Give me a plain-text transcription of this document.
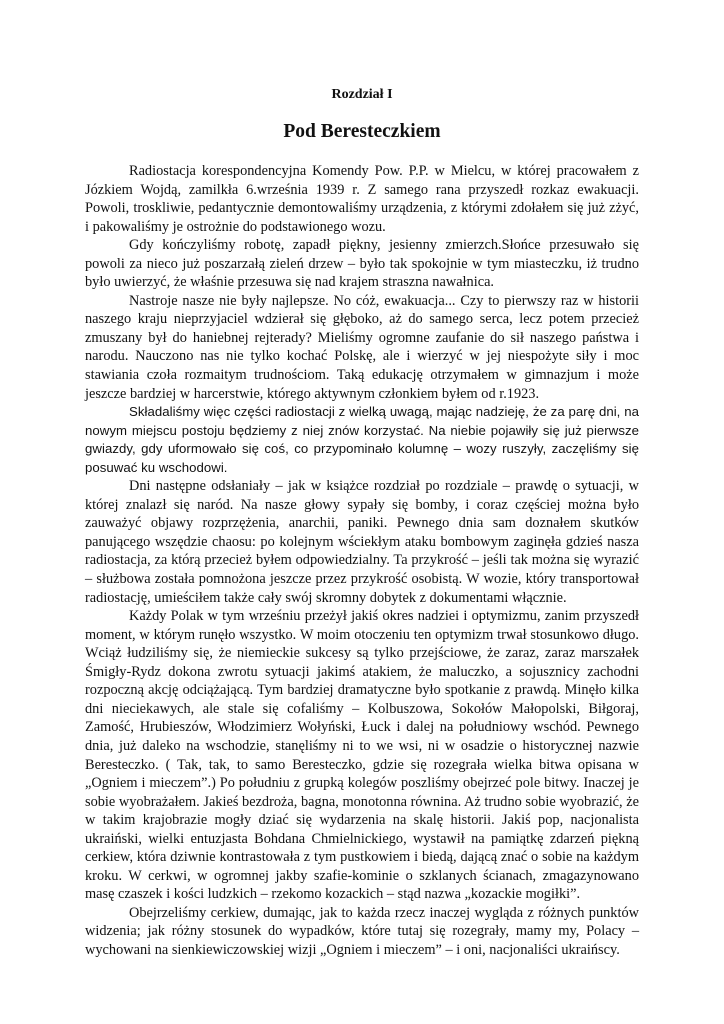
Rozdział I
Pod Beresteczkiem

Radiostacja korespondencyjna Komendy Pow. P.P. w Mielcu, w której pracowałem z Józkiem Wojdą, zamilkła 6.września 1939 r. Z samego rana przyszedł rozkaz ewakuacji. Powoli, troskliwie, pedantycznie demontowaliśmy urządzenia, z którymi zdołałem się już zżyć, i pakowaliśmy je ostrożnie do podstawionego wozu.

Gdy kończyliśmy robotę, zapadł piękny, jesienny zmierzch.Słońce przesuwało się powoli za nieco już poszarzałą zieleń drzew – było tak spokojnie w tym miasteczku, iż trudno było uwierzyć, że właśnie przesuwa się nad krajem straszna nawałnica.

Nastroje nasze nie były najlepsze. No cóż, ewakuacja... Czy to pierwszy raz w historii naszego kraju nieprzyjaciel wdzierał się głęboko, aż do samego serca, lecz potem przecież zmuszany był do haniebnej rejterady? Mieliśmy ogromne zaufanie do sił naszego państwa i narodu. Nauczono nas nie tylko kochać Polskę, ale i wierzyć w jej niespożyte siły i moc stawiania czoła rozmaitym trudnościom. Taką edukację otrzymałem w gimnazjum i może jeszcze bardziej w harcerstwie, którego aktywnym członkiem byłem od r.1923.

Składaliśmy więc części radiostacji z wielką uwagą, mając nadzieję, że za parę dni, na nowym miejscu postoju będziemy z niej znów korzystać. Na niebie pojawiły się już pierwsze gwiazdy, gdy uformowało się coś, co przypominało kolumnę – wozy ruszyły, zaczęliśmy się posuwać ku wschodowi.

Dni następne odsłaniały – jak w książce rozdział po rozdziale – prawdę o sytuacji, w której znalazł się naród. Na nasze głowy sypały się bomby, i coraz częściej można było zauważyć objawy rozprzężenia, anarchii, paniki. Pewnego dnia sam doznałem skutków panującego wszędzie chaosu: po kolejnym wściekłym ataku bombowym zaginęła gdzieś nasza radiostacja, za którą przecież byłem odpowiedzialny. Ta przykrość – jeśli tak można się wyrazić – służbowa została pomnożona jeszcze przez przykrość osobistą. W wozie, który transportował radiostację, umieściłem także cały swój skromny dobytek z dokumentami włącznie.

Każdy Polak w tym wrześniu przeżył jakiś okres nadziei i optymizmu, zanim przyszedł moment, w którym runęło wszystko. W moim otoczeniu ten optymizm trwał stosunkowo długo. Wciąż łudziliśmy się, że niemieckie sukcesy są tylko przejściowe, że zaraz, zaraz marszałek Śmigły-Rydz dokona zwrotu sytuacji jakimś atakiem, że maluczko, a sojusznicy zachodni rozpoczną akcję odciążającą. Tym bardziej dramatyczne było spotkanie z prawdą. Minęło kilka dni nieciekawych, ale stale się cofaliśmy – Kolbuszowa, Sokołów Małopolski, Biłgoraj, Zamość, Hrubieszów, Włodzimierz Wołyński, Łuck i dalej na południowy wschód. Pewnego dnia, już daleko na wschodzie, stanęliśmy ni to we wsi, ni w osadzie o historycznej nazwie Beresteczko. ( Tak, tak, to samo Beresteczko, gdzie się rozegrała wielka bitwa opisana w „Ogniem i mieczem”.) Po południu z grupką kolegów poszliśmy obejrzeć pole bitwy. Inaczej je sobie wyobrażałem. Jakieś bezdroża, bagna, monotonna równina. Aż trudno sobie wyobrazić, że w takim krajobrazie mogły dziać się wydarzenia na skalę historii. Jakiś pop, nacjonalista ukraiński, wielki entuzjasta Bohdana Chmielnickiego, wystawił na pamiątkę zdarzeń piękną cerkiew, która dziwnie kontrastowała z tym pustkowiem i biedą, dającą znać o sobie na każdym kroku. W cerkwi, w ogromnej jakby szafie-kominie o szklanych ścianach, zmagazynowano masę czaszek i kości ludzkich – rzekomo kozackich – stąd nazwa „kozackie mogiłki”.

Obejrzeliśmy cerkiew, dumając, jak to każda rzecz inaczej wygląda z różnych punktów widzenia; jak różny stosunek do wypadków, które tutaj się rozegrały, mamy my, Polacy – wychowani na sienkiewiczowskiej wizji „Ogniem i mieczem” – i oni, nacjonaliści ukraińscy.
